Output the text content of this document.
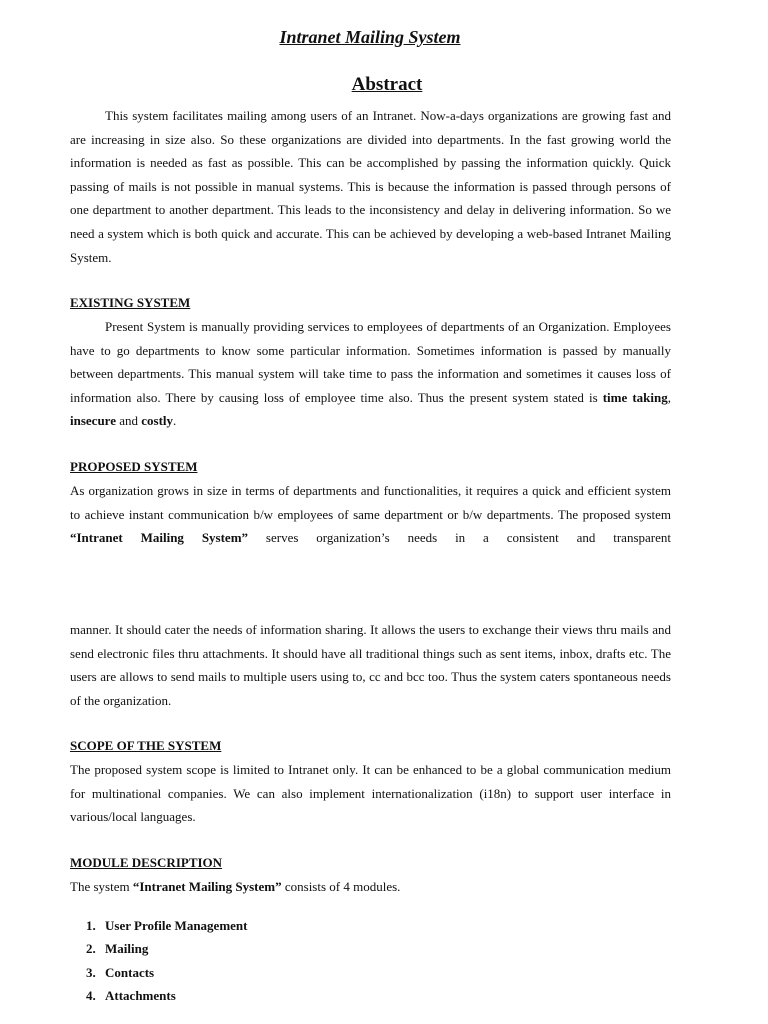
Intranet Mailing System
Abstract

This system facilitates mailing among users of an Intranet. Now-a-days organizations are growing fast and are increasing in size also. So these organizations are divided into departments. In the fast growing world the information is needed as fast as possible. This can be accomplished by passing the information quickly. Quick passing of mails is not possible in manual systems. This is because the information is passed through persons of one department to another department. This leads to the inconsistency and delay in delivering information. So we need a system which is both quick and accurate. This can be achieved by developing a web-based Intranet Mailing System.

EXISTING SYSTEM

Present System is manually providing services to employees of departments of an Organization. Employees have to go departments to know some particular information. Sometimes information is passed by manually between departments. This manual system will take time to pass the information and sometimes it causes loss of information also. There by causing loss of employee time also. Thus the present system stated is time taking, insecure and costly.

PROPOSED SYSTEM

As organization grows in size in terms of departments and functionalities, it requires a quick and efficient system to achieve instant communication b/w employees of same department or b/w departments. The proposed system “Intranet Mailing System” serves organization’s needs in a consistent and transparent

manner. It should cater the needs of information sharing. It allows the users to exchange their views thru mails and send electronic files thru attachments. It should have all traditional things such as sent items, inbox, drafts etc. The users are allows to send mails to multiple users using to, cc and bcc too. Thus the system caters spontaneous needs of the organization.

SCOPE OF THE SYSTEM

The proposed system scope is limited to Intranet only. It can be enhanced to be a global communication medium for multinational companies. We can also implement internationalization (i18n) to support user interface in various/local languages.

MODULE DESCRIPTION

The system “Intranet Mailing System” consists of 4 modules.

1. User Profile Management
2. Mailing
3. Contacts
4. Attachments
